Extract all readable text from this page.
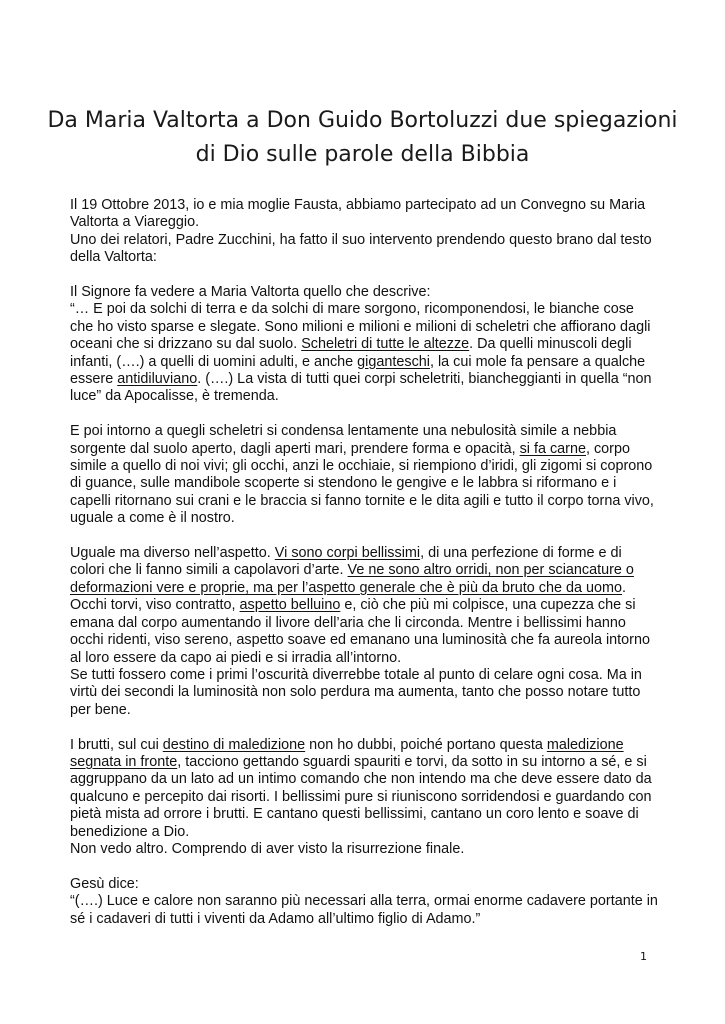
Da Maria Valtorta a Don Guido Bortoluzzi due spiegazioni di Dio sulle parole della Bibbia

Il 19 Ottobre 2013, io e mia moglie Fausta, abbiamo partecipato ad un Convegno su Maria Valtorta a Viareggio.
Uno dei relatori, Padre Zucchini, ha fatto il suo intervento prendendo questo brano dal testo della Valtorta:

Il Signore fa vedere a Maria Valtorta quello che descrive:
“… E poi da solchi di terra e da solchi di mare sorgono, ricomponendosi, le bianche cose che ho visto sparse e slegate. Sono milioni e milioni e milioni di scheletri che affiorano dagli oceani che si drizzano su dal suolo. Scheletri di tutte le altezze. Da quelli minuscoli degli infanti, (….) a quelli di uomini adulti, e anche giganteschi, la cui mole fa pensare a qualche essere antidiluviano. (….) La vista di tutti quei corpi scheletriti, biancheggianti in quella “non luce” da Apocalisse, è tremenda.

E poi intorno a quegli scheletri si condensa lentamente una nebulosità simile a nebbia sorgente dal suolo aperto, dagli aperti mari, prendere forma e opacità, si fa carne, corpo simile a quello di noi vivi; gli occhi, anzi le occhiaie, si riempiono d’iridi, gli zigomi si coprono di guance, sulle mandibole scoperte si stendono le gengive e le labbra si riformano e i capelli ritornano sui crani e le braccia si fanno tornite e le dita agili e tutto il corpo torna vivo, uguale a come è il nostro.

Uguale ma diverso nell’aspetto. Vi sono corpi bellissimi, di una perfezione di forme e di colori che li fanno simili a capolavori d’arte. Ve ne sono altro orridi, non per sciancature o deformazioni vere e proprie, ma per l’aspetto generale che è più da bruto che da uomo. Occhi torvi, viso contratto, aspetto belluino e, ciò che più mi colpisce, una cupezza che si emana dal corpo aumentando il livore dell’aria che li circonda. Mentre i bellissimi hanno occhi ridenti, viso sereno, aspetto soave ed emanano una luminosità che fa aureola intorno al loro essere da capo ai piedi e si irradia all’intorno.
Se tutti fossero come i primi l’oscurità diverrebbe totale al punto di celare ogni cosa. Ma in virtù dei secondi la luminosità non solo perdura ma aumenta, tanto che posso notare tutto per bene.

I brutti, sul cui destino di maledizione non ho dubbi, poiché portano questa maledizione segnata in fronte, tacciono gettando sguardi spauriti e torvi, da sotto in su intorno a sé, e si aggruppano da un lato ad un intimo comando che non intendo ma che deve essere dato da qualcuno e percepito dai risorti. I bellissimi pure si riuniscono sorridendosi e guardando con pietà mista ad orrore i brutti. E cantano questi bellissimi, cantano un coro lento e soave di benedizione a Dio.
Non vedo altro. Comprendo di aver visto la risurrezione finale.

Gesù dice:
“(….) Luce e calore non saranno più necessari alla terra, ormai enorme cadavere portante in sé i cadaveri di tutti i viventi da Adamo all’ultimo figlio di Adamo.”

1
